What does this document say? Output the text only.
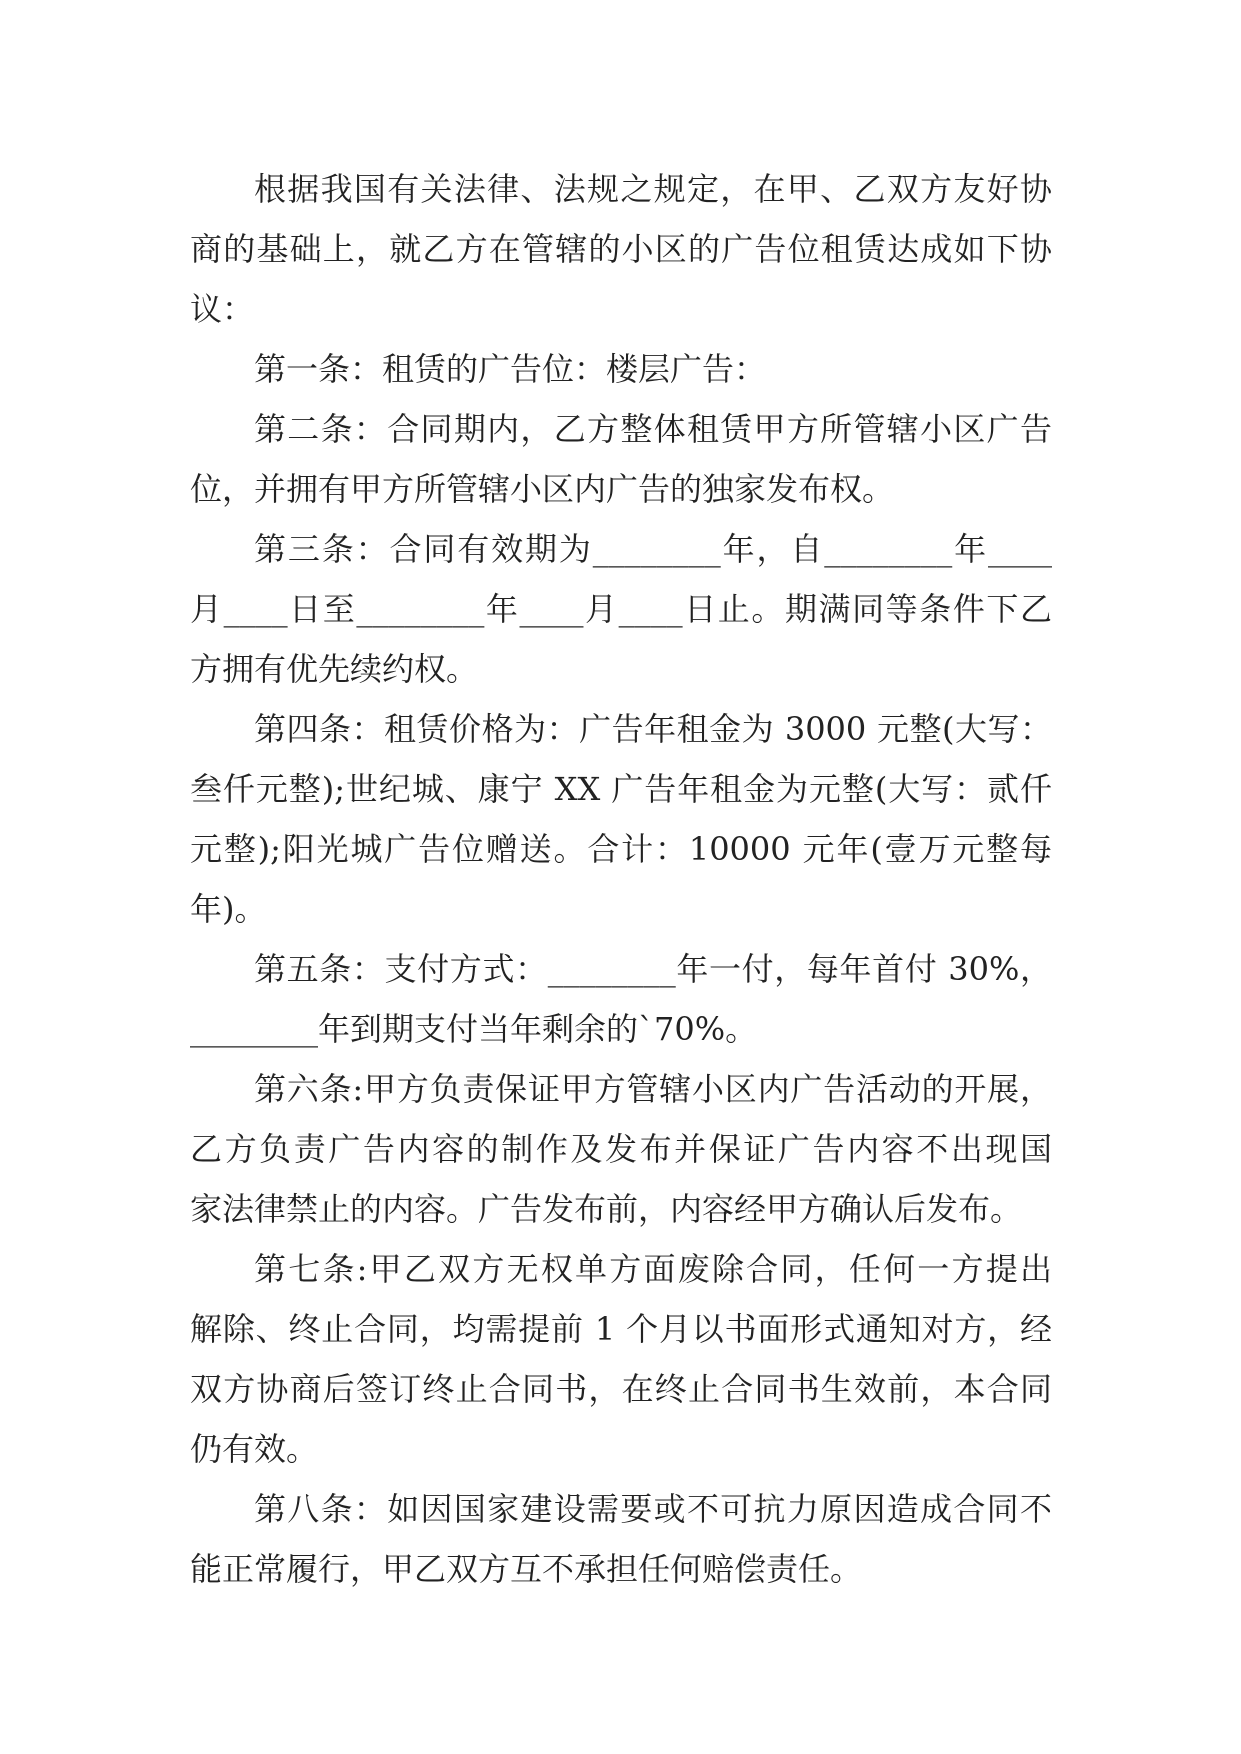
根据我国有关法律、法规之规定，在甲、乙双方友好协
商的基础上，就乙方在管辖的小区的广告位租赁达成如下协
议：
第一条：租赁的广告位：楼层广告：
第二条：合同期内，乙方整体租赁甲方所管辖小区广告
位，并拥有甲方所管辖小区内广告的独家发布权。
第三条：合同有效期为________年，自________年____
月____日至________年____月____日止。期满同等条件下乙
方拥有优先续约权。
第四条：租赁价格为：广告年租金为 3000 元整(大写：
叁仟元整);世纪城、康宁 XX 广告年租金为元整(大写：贰仟
元整);阳光城广告位赠送。合计：10000 元年(壹万元整每
年)。
第五条：支付方式：________年一付，每年首付 30%，
________年到期支付当年剩余的`70%。
第六条:甲方负责保证甲方管辖小区内广告活动的开展，
乙方负责广告内容的制作及发布并保证广告内容不出现国
家法律禁止的内容。广告发布前，内容经甲方确认后发布。
第七条:甲乙双方无权单方面废除合同，任何一方提出
解除、终止合同，均需提前 1 个月以书面形式通知对方，经
双方协商后签订终止合同书，在终止合同书生效前，本合同
仍有效。
第八条：如因国家建设需要或不可抗力原因造成合同不
能正常履行，甲乙双方互不承担任何赔偿责任。
